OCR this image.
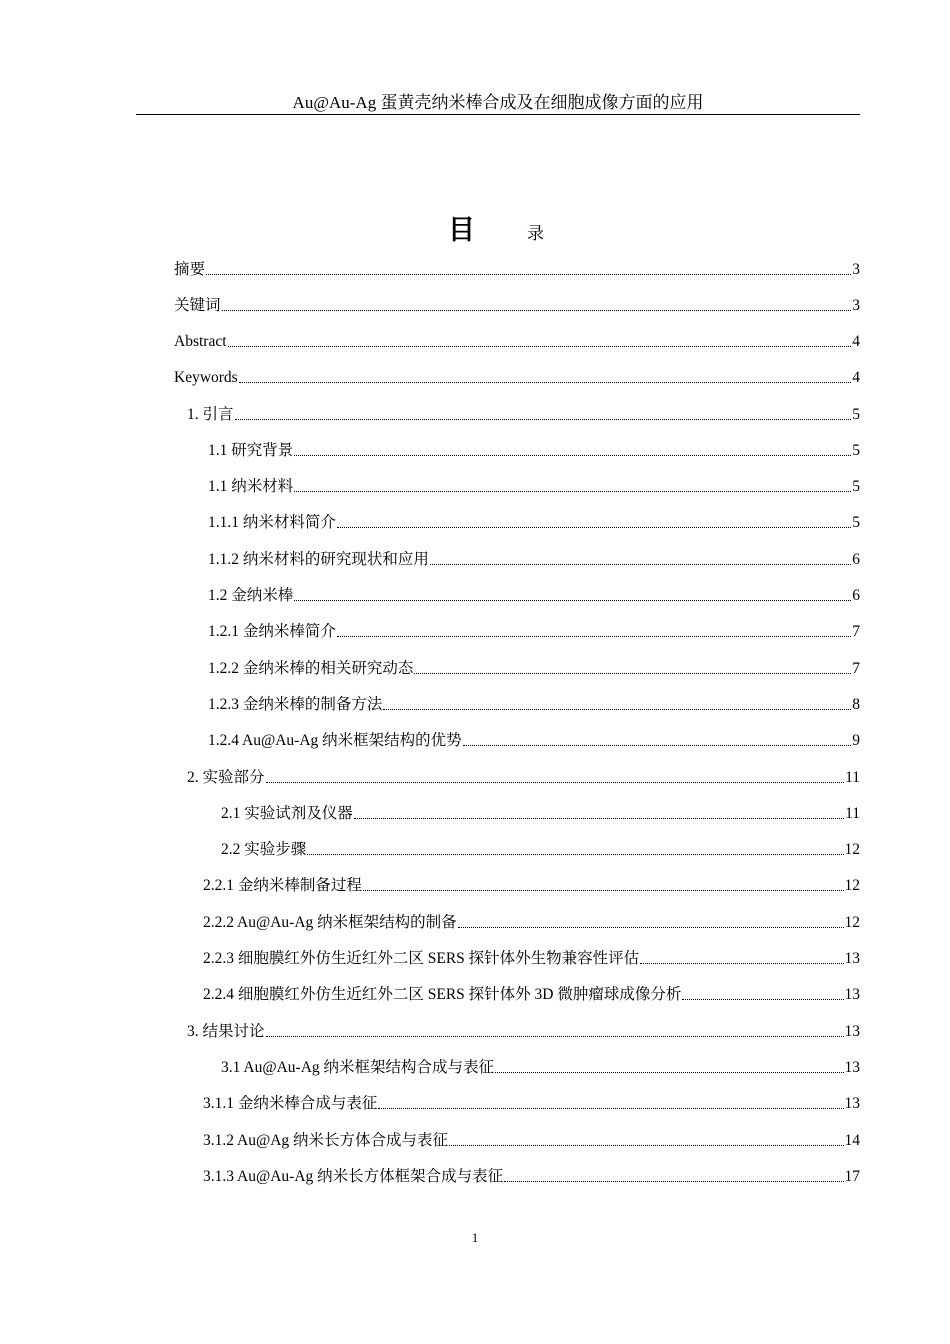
Au@Au-Ag 蛋黄壳纳米棒合成及在细胞成像方面的应用
目	录
摘要	3
关键词	3
Abstract	4
Keywords	4
1. 引言	5
1.1 研究背景	5
1.1 纳米材料	5
1.1.1 纳米材料简介	5
1.1.2 纳米材料的研究现状和应用	6
1.2 金纳米棒	6
1.2.1 金纳米棒简介	7
1.2.2 金纳米棒的相关研究动态	7
1.2.3 金纳米棒的制备方法	8
1.2.4 Au@Au-Ag 纳米框架结构的优势	9
2. 实验部分	11
2.1 实验试剂及仪器	11
2.2 实验步骤	12
2.2.1 金纳米棒制备过程	12
2.2.2 Au@Au-Ag 纳米框架结构的制备	12
2.2.3 细胞膜红外仿生近红外二区 SERS 探针体外生物兼容性评估	13
2.2.4 细胞膜红外仿生近红外二区 SERS 探针体外 3D 微肿瘤球成像分析	13
3. 结果讨论	13
3.1 Au@Au-Ag 纳米框架结构合成与表征	13
3.1.1 金纳米棒合成与表征	13
3.1.2 Au@Ag 纳米长方体合成与表征	14
3.1.3 Au@Au-Ag 纳米长方体框架合成与表征	17
1
